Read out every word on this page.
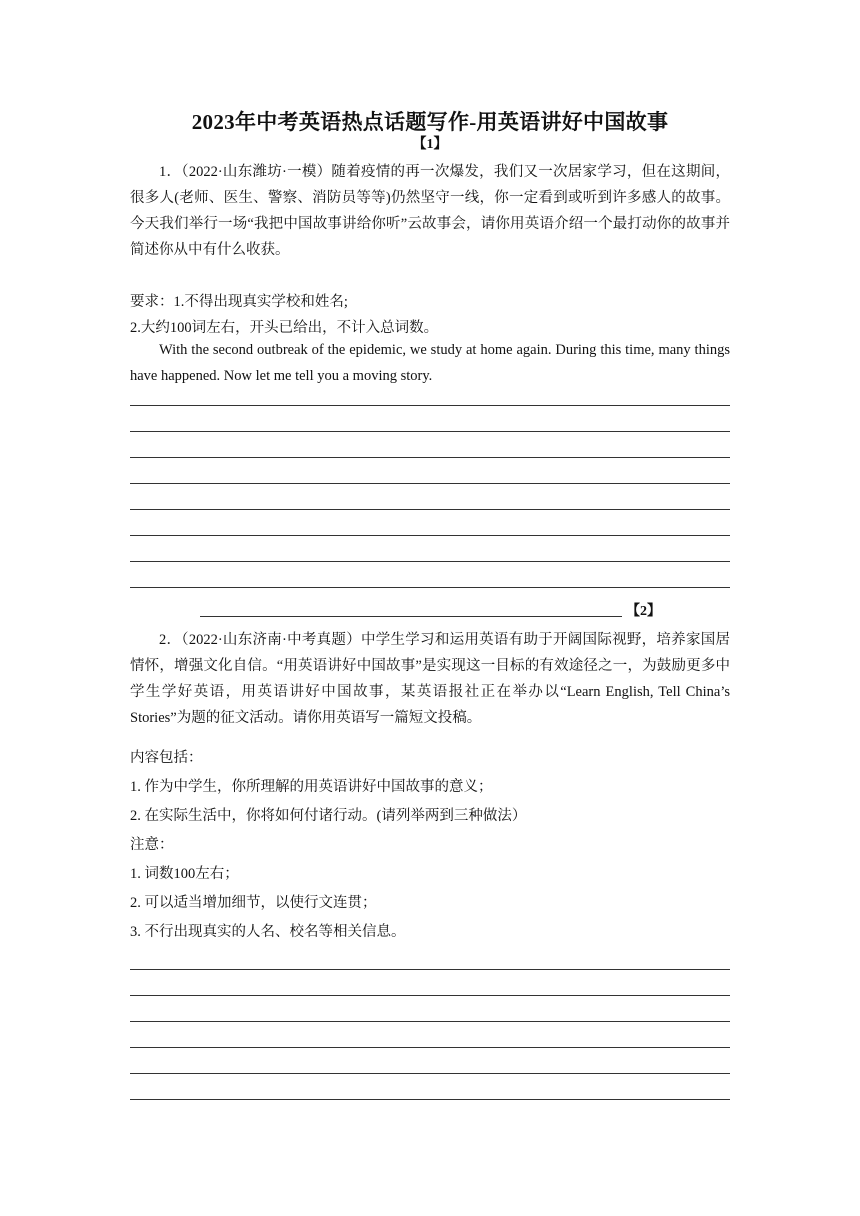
2023年中考英语热点话题写作-用英语讲好中国故事
【1】
1．（2022·山东潍坊·一模）随着疫情的再一次爆发，我们又一次居家学习，但在这期间，很多人(老师、医生、警察、消防员等等)仍然坚守一线，你一定看到或听到许多感人的故事。今天我们举行一场“我把中国故事讲给你听”云故事会，请你用英语介绍一个最打动你的故事并简述你从中有什么收获。
要求：1.不得出现真实学校和姓名;
2.大约100词左右，开头已给出，不计入总词数。
With the second outbreak of the epidemic, we study at home again. During this time, many things have happened. Now let me tell you a moving story.
【2】
2．（2022·山东济南·中考真题）中学生学习和运用英语有助于开阔国际视野，培养家国居情怀，增强文化自信。“用英语讲好中国故事”是实现这一目标的有效途径之一，为鼓励更多中学生学好英语，用英语讲好中国故事，某英语报社正在举办以“Learn English, Tell China’s Stories”为题的征文活动。请你用英语写一篇短文投稿。
内容包括：
1. 作为中学生，你所理解的用英语讲好中国故事的意义；
2. 在实际生活中，你将如何付诸行动。(请列举两到三种做法）
注意：
1. 词数100左右；
2. 可以适当增加细节，以使行文连贯；
3. 不行出现真实的人名、校名等相关信息。
